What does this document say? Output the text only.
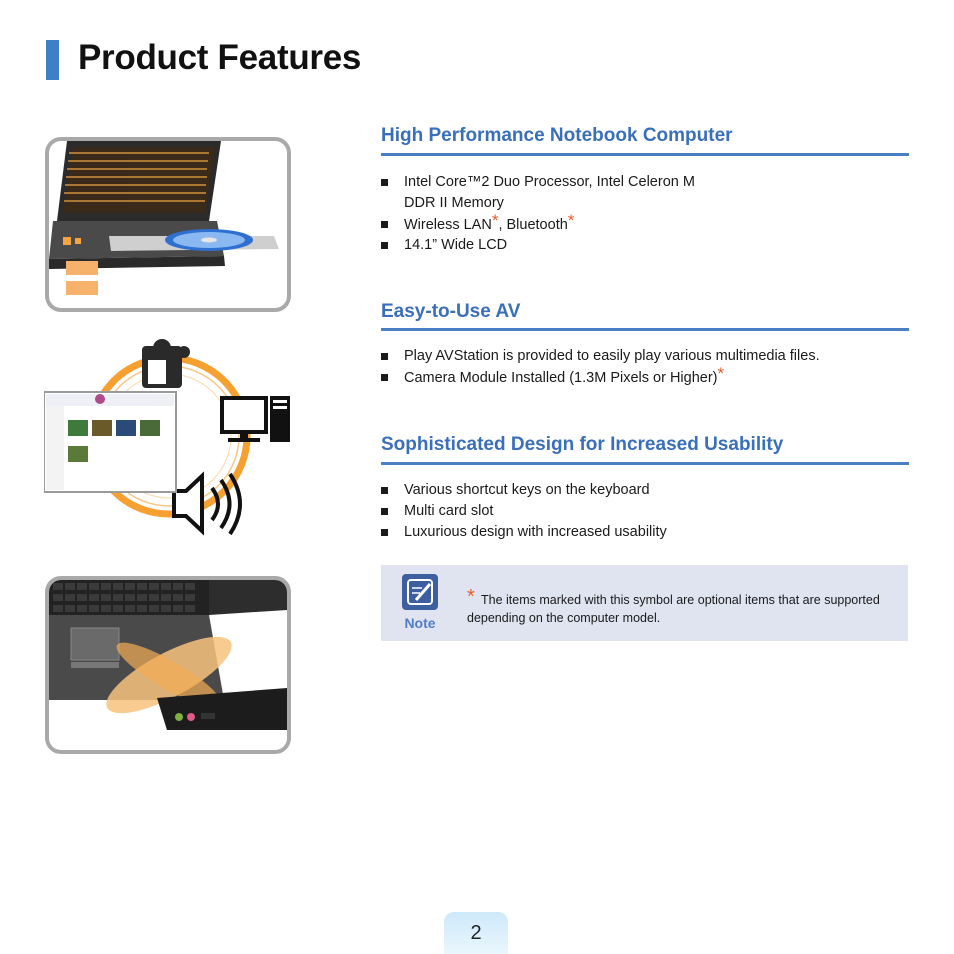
Product Features
High Performance Notebook Computer
Intel Core™2 Duo Processor, Intel Celeron M
DDR II Memory
Wireless LAN*, Bluetooth*
14.1” Wide LCD
Easy-to-Use AV
Play AVStation is provided to easily play various multimedia files.
Camera Module Installed (1.3M Pixels or Higher)*
Sophisticated Design for Increased Usability
Various shortcut keys on the keyboard
Multi card slot
Luxurious design with increased usability
Note
* The items marked with this symbol are optional items that are supported depending on the computer model.
2
